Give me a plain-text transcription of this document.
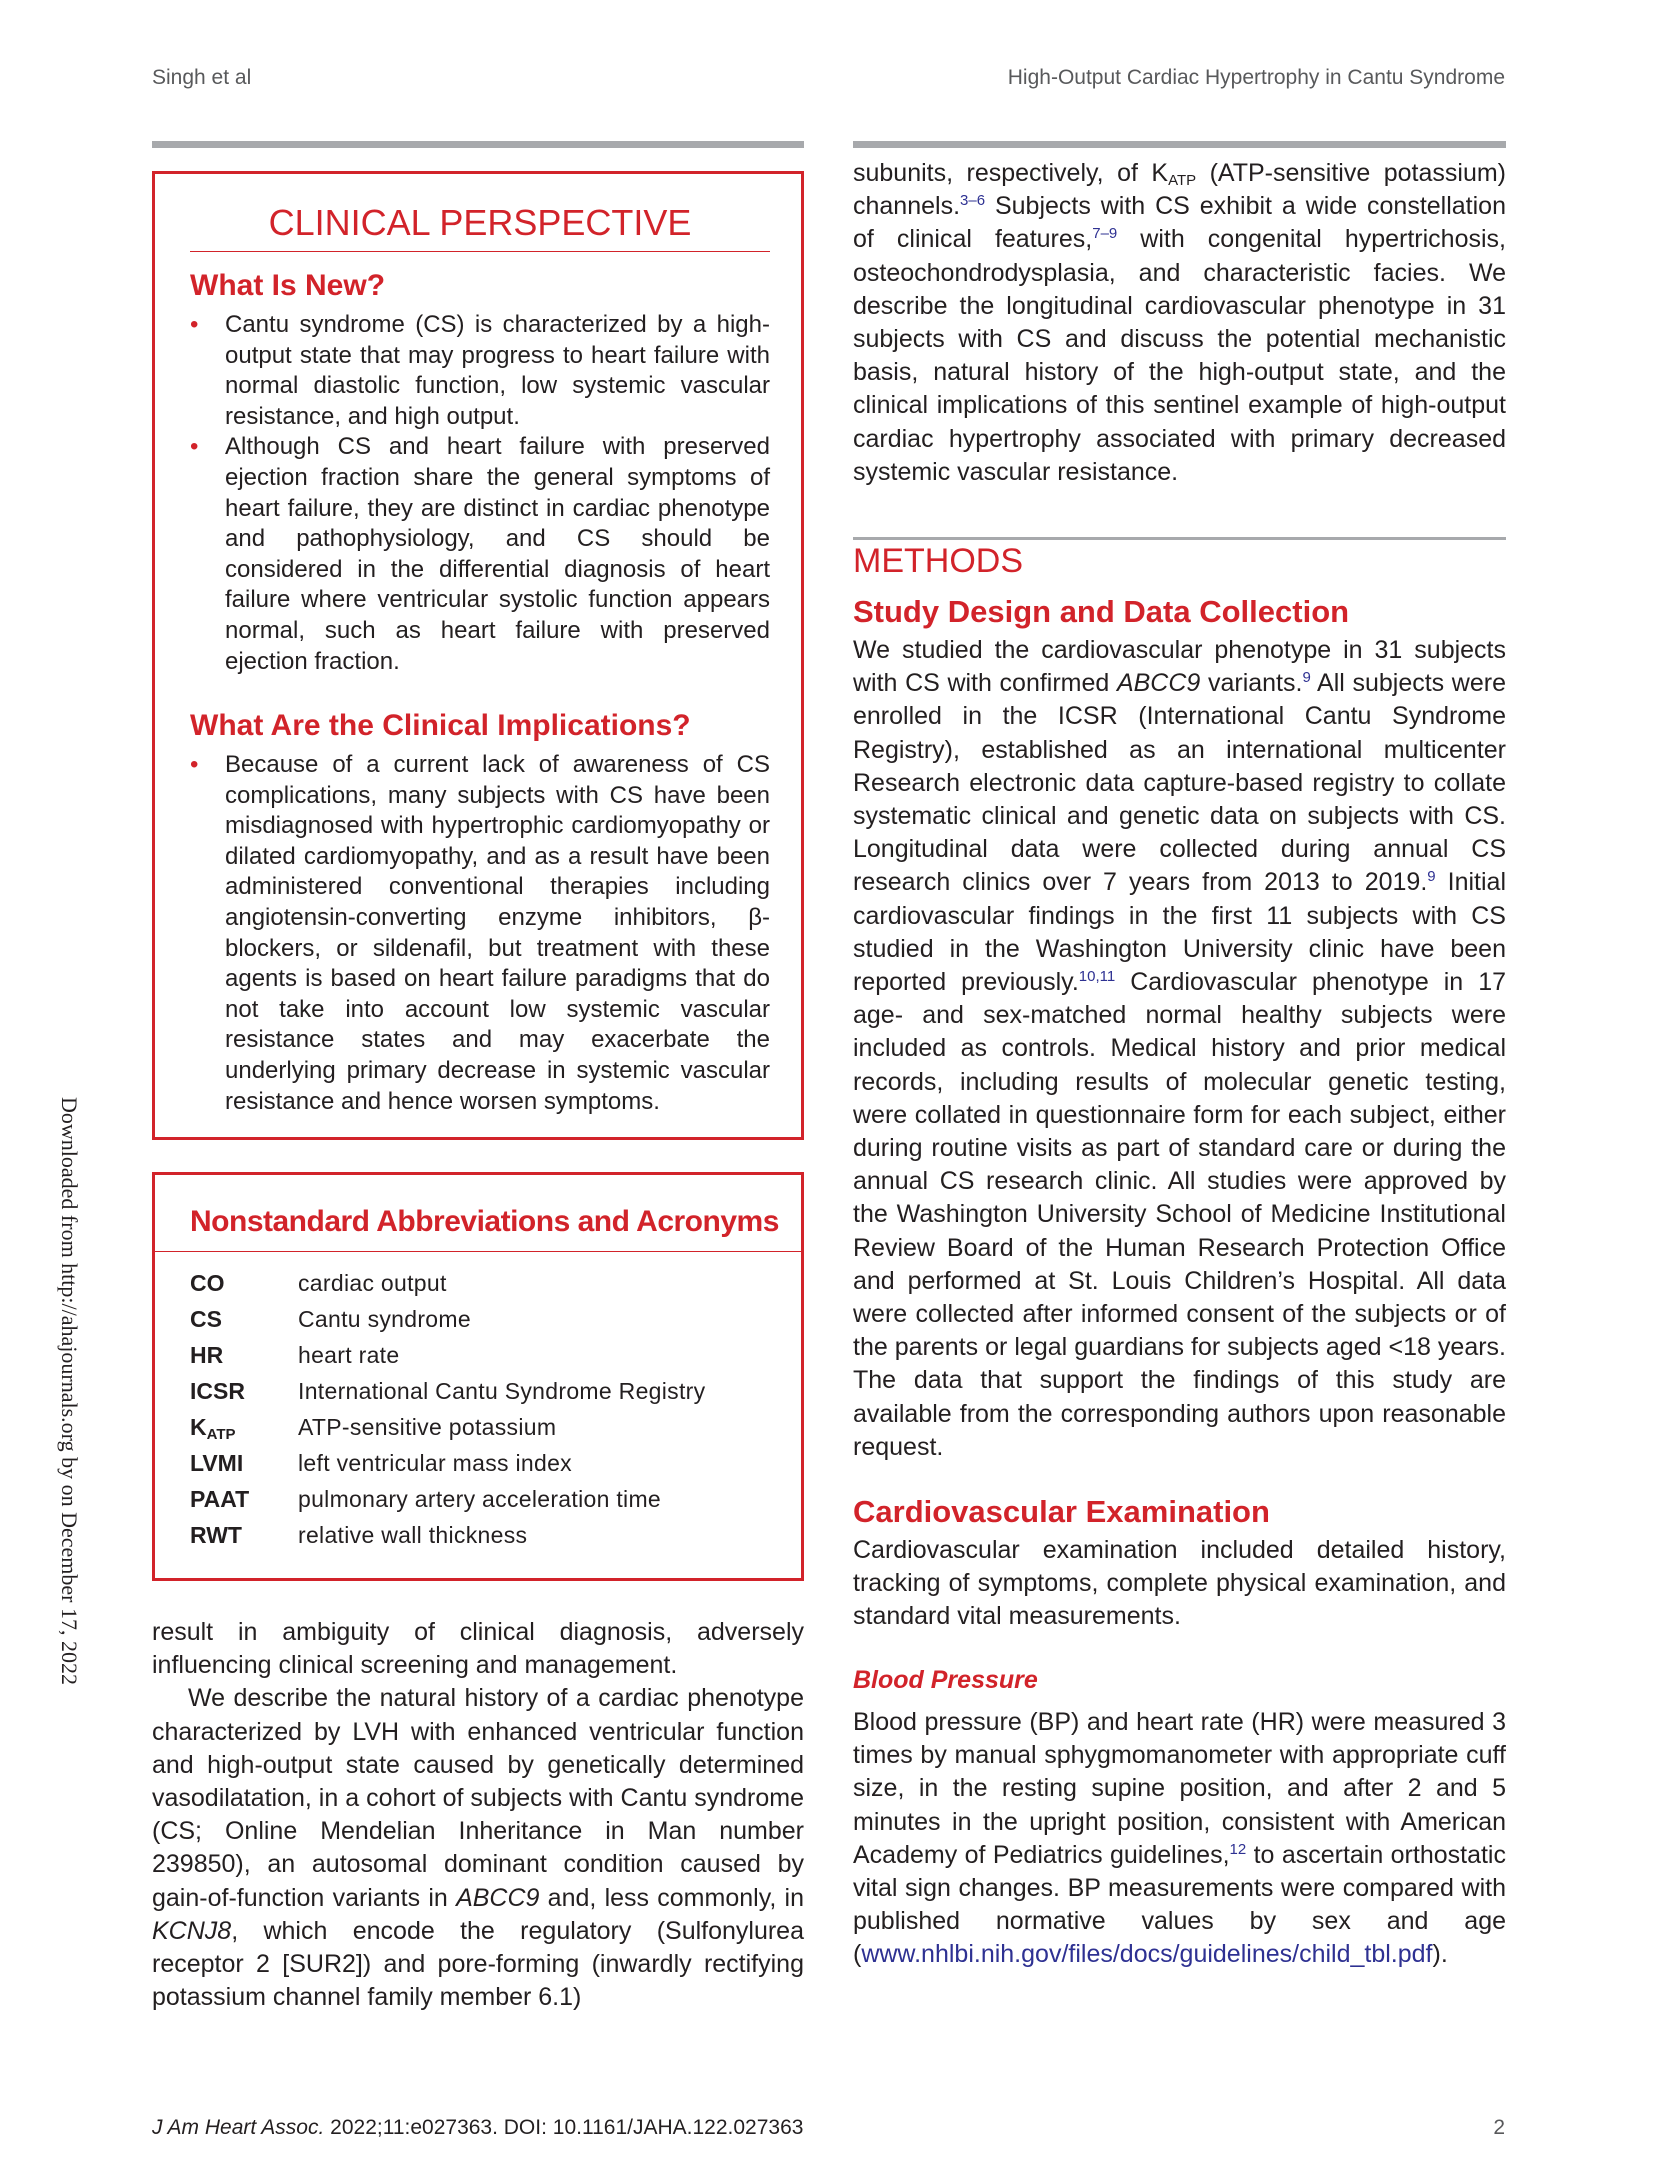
Singh et al	High-Output Cardiac Hypertrophy in Cantu Syndrome
Downloaded from http://ahajournals.org by on December 17, 2022
CLINICAL PERSPECTIVE
What Is New?
• Cantu syndrome (CS) is characterized by a high-output state that may progress to heart failure with normal diastolic function, low systemic vascular resistance, and high output.
• Although CS and heart failure with preserved ejection fraction share the general symptoms of heart failure, they are distinct in cardiac phenotype and pathophysiology, and CS should be considered in the differential diagnosis of heart failure where ventricular systolic function appears normal, such as heart failure with preserved ejection fraction.
What Are the Clinical Implications?
• Because of a current lack of awareness of CS complications, many subjects with CS have been misdiagnosed with hypertrophic cardiomyopathy or dilated cardiomyopathy, and as a result have been administered conventional therapies including angiotensin-converting enzyme inhibitors, β-blockers, or sildenafil, but treatment with these agents is based on heart failure paradigms that do not take into account low systemic vascular resistance states and may exacerbate the underlying primary decrease in systemic vascular resistance and hence worsen symptoms.
Nonstandard Abbreviations and Acronyms
CO	cardiac output
CS	Cantu syndrome
HR	heart rate
ICSR	International Cantu Syndrome Registry
$K_{ATP}$	ATP-sensitive potassium
LVMI	left ventricular mass index
PAAT	pulmonary artery acceleration time
RWT	relative wall thickness

result in ambiguity of clinical diagnosis, adversely influencing clinical screening and management.

We describe the natural history of a cardiac phenotype characterized by LVH with enhanced ventricular function and high-output state caused by genetically determined vasodilatation, in a cohort of subjects with Cantu syndrome (CS; Online Mendelian Inheritance in Man number 239850), an autosomal dominant condition caused by gain-of-function variants in ABCC9 and, less commonly, in KCNJ8, which encode the regulatory (Sulfonylurea receptor 2 [SUR2]) and pore-forming (inwardly rectifying potassium channel family member 6.1)

subunits, respectively, of $K_{ATP}$ (ATP-sensitive potassium) channels.$^{3-6}$ Subjects with CS exhibit a wide constellation of clinical features,$^{7-9}$ with congenital hypertrichosis, osteochondrodysplasia, and characteristic facies. We describe the longitudinal cardiovascular phenotype in 31 subjects with CS and discuss the potential mechanistic basis, natural history of the high-output state, and the clinical implications of this sentinel example of high-output cardiac hypertrophy associated with primary decreased systemic vascular resistance.

METHODS
Study Design and Data Collection

We studied the cardiovascular phenotype in 31 subjects with CS with confirmed ABCC9 variants.$^9$ All subjects were enrolled in the ICSR (International Cantu Syndrome Registry), established as an international multicenter Research electronic data capture-based registry to collate systematic clinical and genetic data on subjects with CS. Longitudinal data were collected during annual CS research clinics over 7 years from 2013 to 2019.$^9$ Initial cardiovascular findings in the first 11 subjects with CS studied in the Washington University clinic have been reported previously.$^{10,11}$ Cardiovascular phenotype in 17 age- and sex-matched normal healthy subjects were included as controls. Medical history and prior medical records, including results of molecular genetic testing, were collated in questionnaire form for each subject, either during routine visits as part of standard care or during the annual CS research clinic. All studies were approved by the Washington University School of Medicine Institutional Review Board of the Human Research Protection Office and performed at St. Louis Children’s Hospital. All data were collected after informed consent of the subjects or of the parents or legal guardians for subjects aged <18 years. The data that support the findings of this study are available from the corresponding authors upon reasonable request.

Cardiovascular Examination

Cardiovascular examination included detailed history, tracking of symptoms, complete physical examination, and standard vital measurements.

Blood Pressure

Blood pressure (BP) and heart rate (HR) were measured 3 times by manual sphygmomanometer with appropriate cuff size, in the resting supine position, and after 2 and 5 minutes in the upright position, consistent with American Academy of Pediatrics guidelines,$^{12}$ to ascertain orthostatic vital sign changes. BP measurements were compared with published normative values by sex and age (www.nhlbi.nih.gov/files/docs/guidelines/child_tbl.pdf).

J Am Heart Assoc. 2022;11:e027363. DOI: 10.1161/JAHA.122.027363	2
